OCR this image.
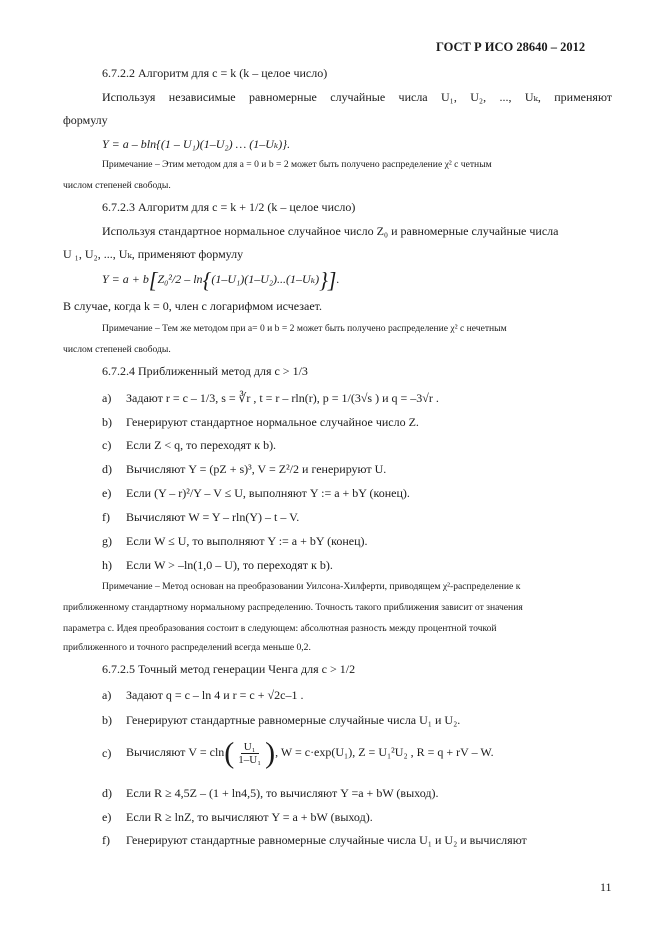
ГОСТ Р ИСО 28640 – 2012
6.7.2.2 Алгоритм для c = k (k – целое число)
Используя независимые равномерные случайные числа U₁, U₂, ..., Uₖ, применяют
формулу
Y = a – bln{(1 – U₁)(1–U₂) … (1–Uₖ)}.
Примечание – Этим методом для a = 0 и b = 2 может быть получено распределение χ² с четным
числом степеней свободы.
6.7.2.3 Алгоритм для c = k + 1/2 (k – целое число)
Используя стандартное нормальное случайное число Z₀ и равномерные случайные числа
U ₁, U₂, ..., Uₖ, применяют формулу
Y = a + b[Z₀²/2 – ln{(1–U₁)(1–U₂)...(1–Uₖ)}].
В случае, когда k = 0, член с логарифмом исчезает.
Примечание – Тем же методом при a= 0 и b = 2 может быть получено распределение χ² с нечетным
числом степеней свободы.
6.7.2.4 Приближенный метод для c > 1/3
a) Задают r = c – 1/3, s = ∛r , t = r – rln(r), p = 1/(3√s ) и q = –3√r .
b) Генерируют стандартное нормальное случайное число Z.
c) Если Z < q, то переходят к b).
d) Вычисляют Y = (pZ + s)³, V = Z²/2 и генерируют U.
e) Если (Y – r)²/Y – V ≤ U, выполняют Y := a + bY (конец).
f) Вычисляют W = Y – rln(Y) – t – V.
g) Если W ≤ U, то выполняют Y := a + bY (конец).
h) Если W > –ln(1,0 – U), то переходят к b).
Примечание – Метод основан на преобразовании Уилсона-Хилферти, приводящем χ²-распределение к
приближенному стандартному нормальному распределению. Точность такого приближения зависит от значения
параметра c. Идея преобразования состоит в следующем: абсолютная разность между процентной точкой
приближенного и точного распределений всегда меньше 0,2.
6.7.2.5 Точный метод генерации Ченга для c > 1/2
a) Задают q = c – ln 4 и r = c + √2c–1 .
b) Генерируют стандартные равномерные случайные числа U₁ и U₂.
c) Вычисляют $V = cln( \frac{\text{U₁}}{\text{1–U₁}}$ ), W = c·exp(U₁), Z = U₁²U₂ , R = q + rV – W.
d) Если R ≥ 4,5Z – (1 + ln4,5), то вычисляют Y =a + bW (выход).
e) Если R ≥ lnZ, то вычисляют Y = a + bW (выход).
f) Генерируют стандартные равномерные случайные числа U₁ и U₂ и вычисляют
11
